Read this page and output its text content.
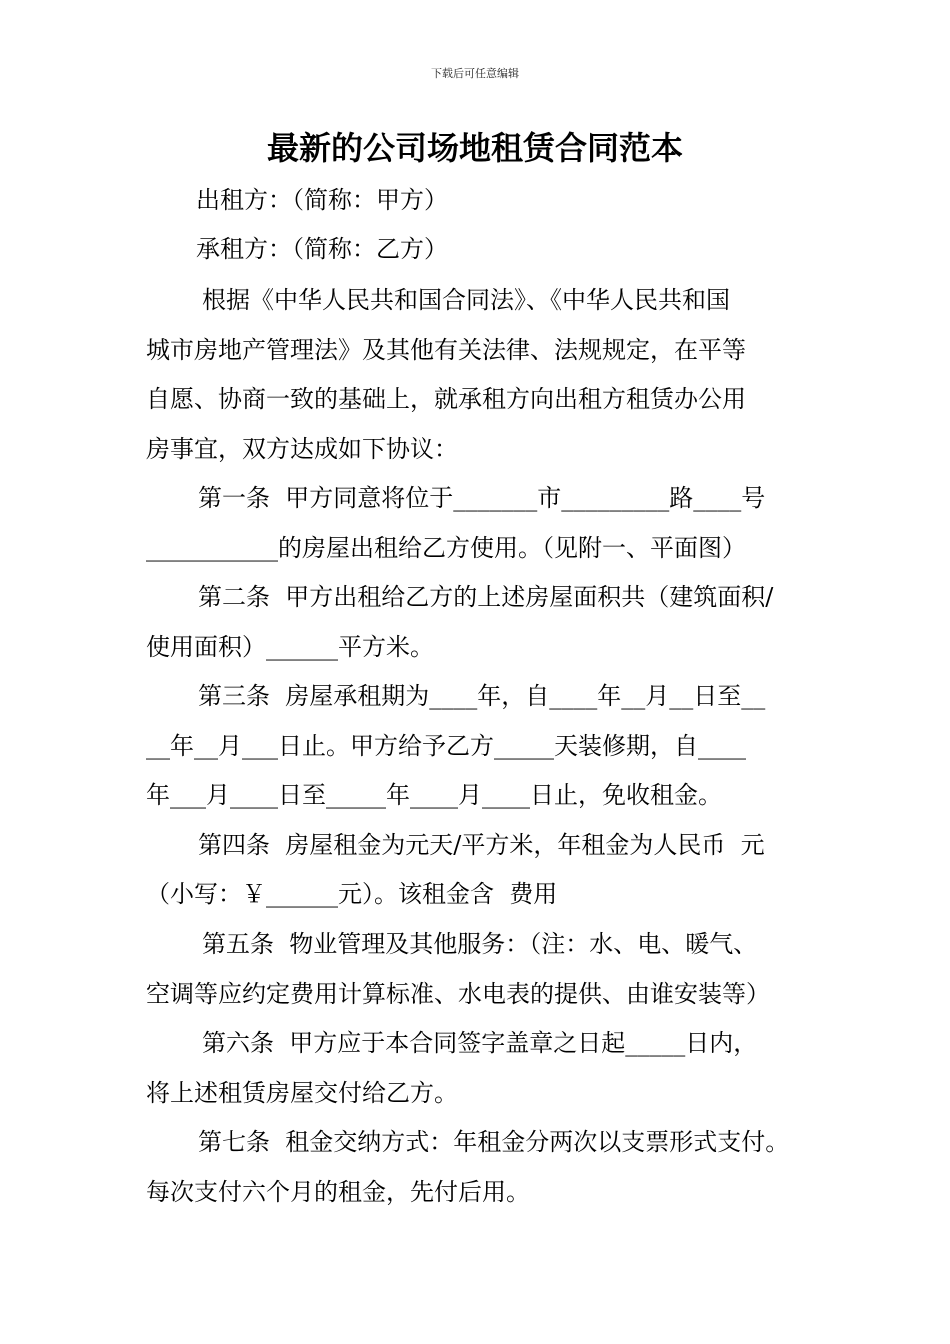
下载后可任意编辑
最新的公司场地租赁合同范本
出租方：（简称：甲方）
承租方：（简称：乙方）
根据《中华人民共和国合同法》、《中华人民共和国
城市房地产管理法》及其他有关法律、法规规定，在平等
自愿、协商一致的基础上，就承租方向出租方租赁办公用
房事宜，双方达成如下协议：
第一条  甲方同意将位于_______市_________路____号
___________的房屋出租给乙方使用。（见附一、平面图）
第二条  甲方出租给乙方的上述房屋面积共（建筑面积/
使用面积）______平方米。
第三条  房屋承租期为____年，自____年__月__日至__
__年__月___日止。甲方给予乙方_____天装修期，自____
年___月____日至_____年____月____日止，免收租金。
第四条  房屋租金为元天/平方米，年租金为人民币  元
（小写：￥______元）。该租金含  费用
第五条  物业管理及其他服务：（注：水、电、暖气、
空调等应约定费用计算标准、水电表的提供、由谁安装等）
第六条  甲方应于本合同签字盖章之日起_____日内，
将上述租赁房屋交付给乙方。
第七条  租金交纳方式：年租金分两次以支票形式支付。
每次支付六个月的租金，先付后用。
